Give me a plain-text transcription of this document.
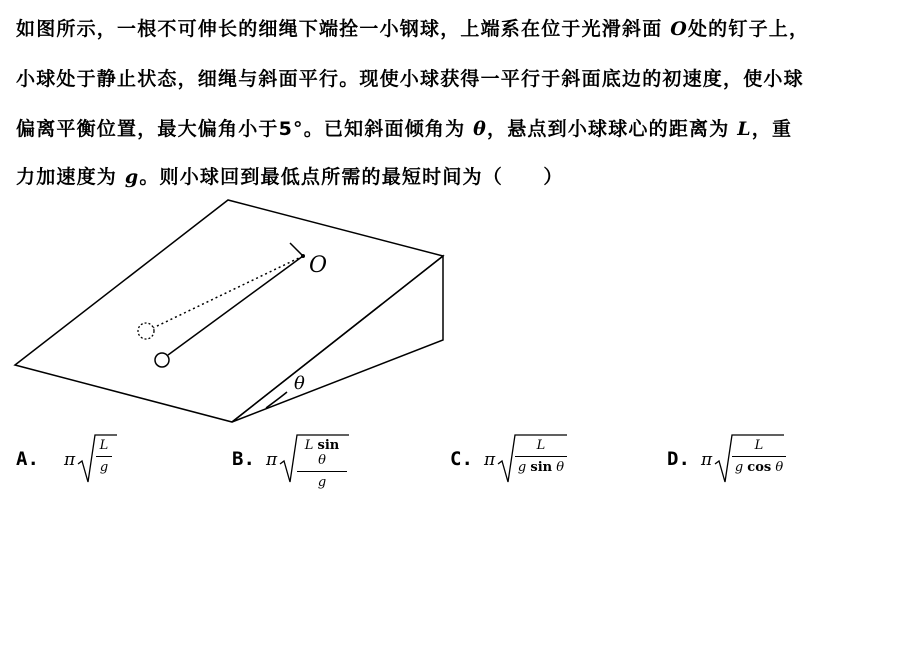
如图所示，一根不可伸长的细绳下端拴一小钢球，上端系在位于光滑斜面 O处的钉子上，
小球处于静止状态，细绳与斜面平行。现使小球获得一平行于斜面底边的初速度，使小球
偏离平衡位置，最大偏角小于5°。已知斜面倾角为 θ，悬点到小球球心的距离为 L，重
力加速度为 g。则小球回到最低点所需的最短时间为（　　）
O
θ
A. π $\frac{L}{g}$	B. π $\frac{\text{L sin θ}}{g}$	C. π $\frac{L}{\text{g sin θ}}$	D. π $\frac{L}{\text{g cos θ}}$
